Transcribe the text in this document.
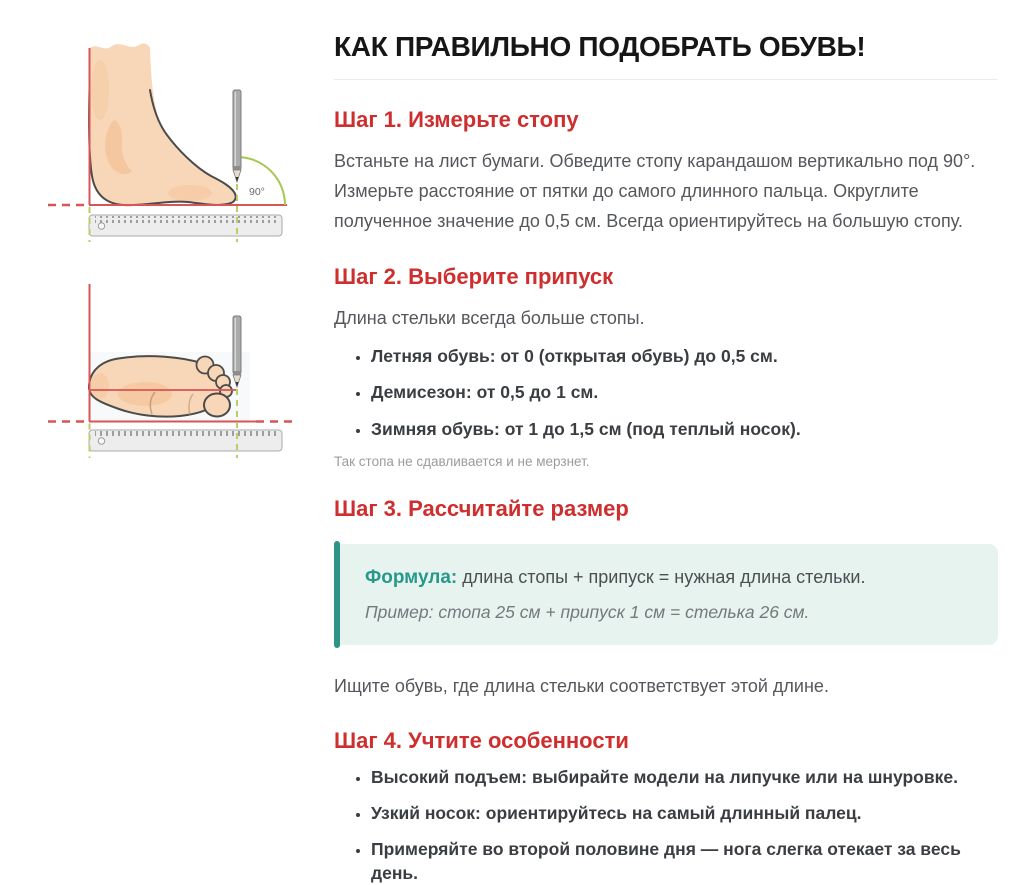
90°
КАК ПРАВИЛЬНО ПОДОБРАТЬ ОБУВЬ!
Шаг 1. Измерьте стопу

Встаньте на лист бумаги. Обведите стопу карандашом вертикально под 90°. Измерьте расстояние от пятки до самого длинного пальца. Округлите полученное значение до 0,5 см. Всегда ориентируйтесь на большую стопу.

Шаг 2. Выберите припуск

Длина стельки всегда больше стопы.

• Летняя обувь: от 0 (открытая обувь) до 0,5 см.
• Демисезон: от 0,5 до 1 см.
• Зимняя обувь: от 1 до 1,5 см (под теплый носок).

Так стопа не сдавливается и не мерзнет.

Шаг 3. Рассчитайте размер

Формула: длина стопы + припуск = нужная длина стельки.

Пример: стопа 25 см + припуск 1 см = стелька 26 см.

Ищите обувь, где длина стельки соответствует этой длине.

Шаг 4. Учтите особенности
• Высокий подъем: выбирайте модели на липучке или на шнуровке.
• Узкий носок: ориентируйтесь на самый длинный палец.
• Примеряйте во второй половине дня — нога слегка отекает за весь день.
